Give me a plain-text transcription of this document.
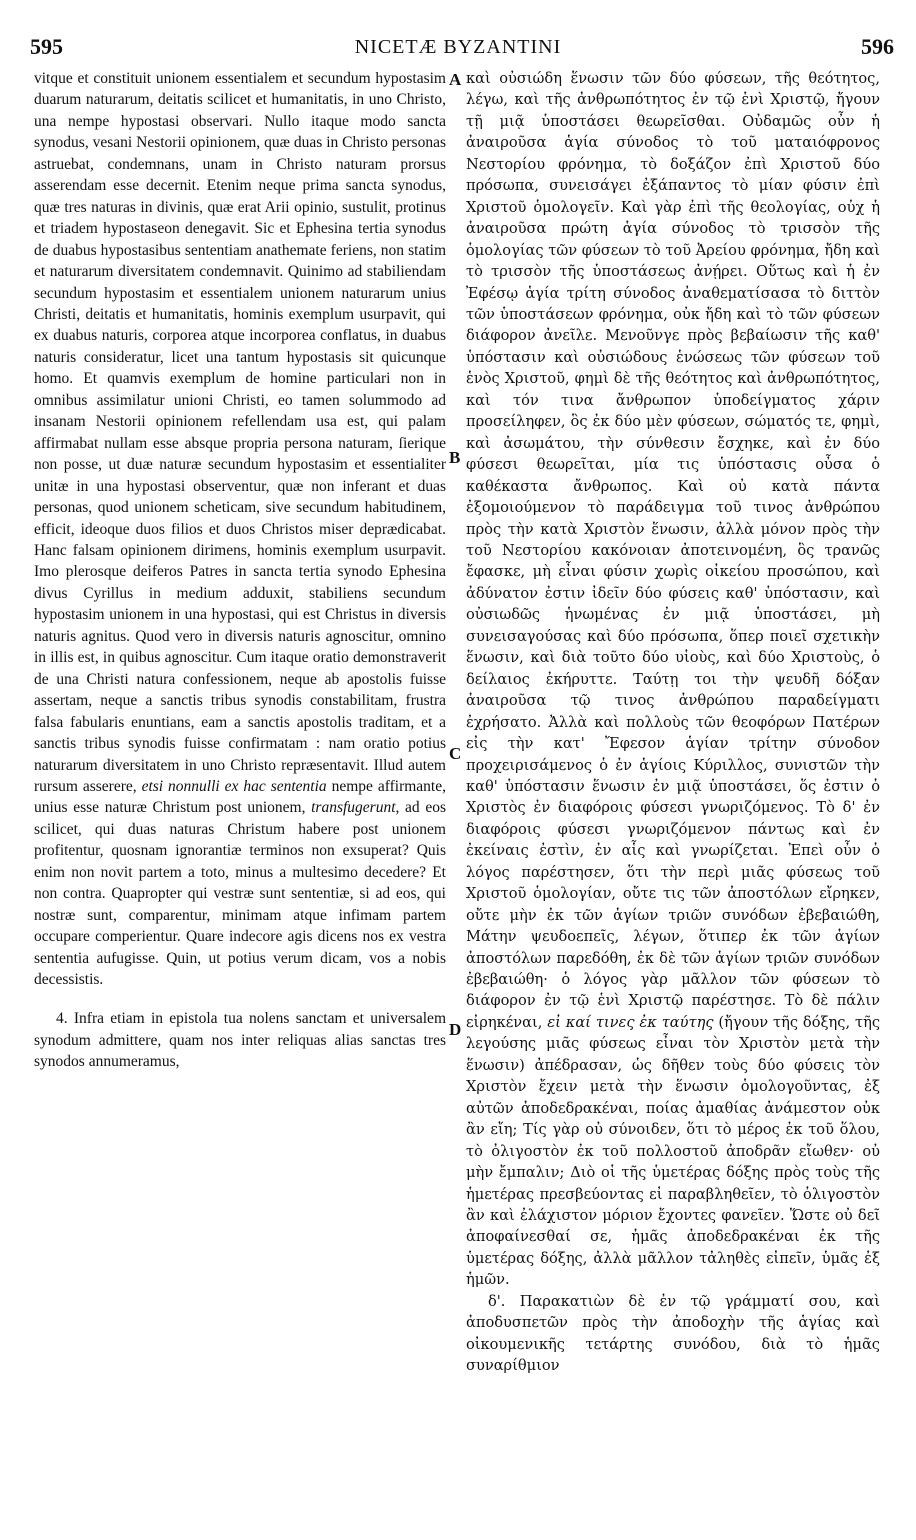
595	NICETÆ BYZANTINI	596

vitque et constituit unionem essentialem et secundum hypostasim duarum naturarum, deitatis scilicet et humanitatis, in uno Christo, una nempe hypostasi observari. Nullo itaque modo sancta synodus, vesani Nestorii opinionem, quæ duas in Christo personas astruebat, condemnans, unam in Christo naturam prorsus asserendam esse decernit. Etenim neque prima sancta synodus, quæ tres naturas in divinis, quæ erat Arii opinio, sustulit, protinus et triadem hypostaseon denegavit. Sic et Ephesina tertia synodus de duabus hypostasibus sententiam anathemate feriens, non statim et naturarum diversitatem condemnavit. Quinimo ad stabiliendam secundum hypostasim et essentialem unionem naturarum unius Christi, deitatis et humanitatis, hominis exemplum usurpavit, qui ex duabus naturis, corporea atque incorporea conflatus, in duabus naturis consideratur, licet una tantum hypostasis sit quicunque homo. Et quamvis exemplum de homine particulari non in omnibus assimilatur unioni Christi, eo tamen solummodo ad insanam Nestorii opinionem refellendam usa est, qui palam affirmabat nullam esse absque propria persona naturam, ſierique non posse, ut duæ naturæ secundum hypostasim et essentialiter unitæ in una hypostasi observentur, quæ non inferant et duas personas, quod unionem scheticam, sive secundum habitudinem, efficit, ideoque duos filios et duos Christos miser deprædicabat. Hanc falsam opinionem dirimens, hominis exemplum usurpavit. Imo plerosque deiferos Patres in sancta tertia synodo Ephesina divus Cyrillus in medium adduxit, stabiliens secundum hypostasim unionem in una hypostasi, qui est Christus in diversis naturis agnitus. Quod vero in diversis naturis agnoscitur, omnino in illis est, in quibus agnoscitur. Cum itaque oratio demonstraverit de una Christi natura confessionem, neque ab apostolis fuisse assertam, neque a sanctis tribus synodis constabilitam, frustra falsa fabularis enuntians, eam a sanctis apostolis traditam, et a sanctis tribus synodis fuisse confirmatam : nam oratio potius naturarum diversitatem in uno Christo repræsentavit. Illud autem rursum asserere, etsi nonnulli ex hac sententia nempe affirmante, unius esse naturæ Christum post unionem, transfugerunt, ad eos scilicet, qui duas naturas Christum habere post unionem profitentur, quosnam ignorantiæ terminos non exsuperat? Quis enim non novit partem a toto, minus a multesimo decedere? Et non contra. Quapropter qui vestræ sunt sententiæ, si ad eos, qui nostræ sunt, comparentur, minimam atque infimam partem occupare comperientur. Quare indecore agis dicens nos ex vestra sententia aufugisse. Quin, ut potius verum dicam, vos a nobis decessistis.

4. Infra etiam in epistola tua nolens sanctam et universalem synodum admittere, quam nos inter reliquas alias sanctas tres synodos annumeramus,

A
B
C
D

καὶ οὐσιώδη ἕνωσιν τῶν δύο φύσεων, τῆς θεότητος, λέγω, καὶ τῆς ἀνθρωπότητος ἐν τῷ ἑνὶ Χριστῷ, ἤγουν τῇ μιᾷ ὑποστάσει θεωρεῖσθαι. Οὐδαμῶς οὖν ἡ ἀναιροῦσα ἁγία σύνοδος τὸ τοῦ ματαιόφρονος Νεστορίου φρόνημα, τὸ δοξάζον ἐπὶ Χριστοῦ δύο πρόσωπα, συνεισάγει ἐξάπαντος τὸ μίαν φύσιν ἐπὶ Χριστοῦ ὁμολογεῖν. Καὶ γὰρ ἐπὶ τῆς θεολογίας, οὐχ ἡ ἀναιροῦσα πρώτη ἁγία σύνοδος τὸ τρισσὸν τῆς ὁμολογίας τῶν φύσεων τὸ τοῦ Ἀρείου φρόνημα, ἤδη καὶ τὸ τρισσὸν τῆς ὑποστάσεως ἀνῄρει. Οὕτως καὶ ἡ ἐν Ἐφέσῳ ἁγία τρίτη σύνοδος ἀναθεματίσασα τὸ διττὸν τῶν ὑποστάσεων φρόνημα, οὐκ ἤδη καὶ τὸ τῶν φύσεων διάφορον ἀνεῖλε. Μενοῦνγε πρὸς βεβαίωσιν τῆς καθ' ὑπόστασιν καὶ οὐσιώδους ἑνώσεως τῶν φύσεων τοῦ ἑνὸς Χριστοῦ, φημὶ δὲ τῆς θεότητος καὶ ἀνθρωπότητος, καὶ τόν τινα ἄνθρωπον ὑποδείγματος χάριν προσείληφεν, ὃς ἐκ δύο μὲν φύσεων, σώματός τε, φημὶ, καὶ ἀσωμάτου, τὴν σύνθεσιν ἔσχηκε, καὶ ἐν δύο φύσεσι θεωρεῖται, μία τις ὑπόστασις οὖσα ὁ καθέκαστα ἄνθρωπος. Καὶ οὐ κατὰ πάντα ἐξομοιούμενον τὸ παράδειγμα τοῦ τινος ἀνθρώπου πρὸς τὴν κατὰ Χριστὸν ἕνωσιν, ἀλλὰ μόνον πρὸς τὴν τοῦ Νεστορίου κακόνοιαν ἀποτεινομένη, ὃς τρανῶς ἔφασκε, μὴ εἶναι φύσιν χωρὶς οἰκείου προσώπου, καὶ ἀδύνατον ἐστιν ἰδεῖν δύο φύσεις καθ' ὑπόστασιν, καὶ οὐσιωδῶς ἡνωμένας ἐν μιᾷ ὑποστάσει, μὴ συνεισαγούσας καὶ δύο πρόσωπα, ὅπερ ποιεῖ σχετικὴν ἕνωσιν, καὶ διὰ τοῦτο δύο υἱοὺς, καὶ δύο Χριστοὺς, ὁ δείλαιος ἐκήρυττε. Ταύτῃ τοι τὴν ψευδῆ δόξαν ἀναιροῦσα τῷ τινος ἀνθρώπου παραδείγματι ἐχρήσατο. Ἀλλὰ καὶ πολλοὺς τῶν θεοφόρων Πατέρων εἰς τὴν κατ' Ἔφεσον ἁγίαν τρίτην σύνοδον προχειρισάμενος ὁ ἐν ἁγίοις Κύριλλος, συνιστῶν τὴν καθ' ὑπόστασιν ἕνωσιν ἐν μιᾷ ὑποστάσει, ὅς ἐστιν ὁ Χριστὸς ἐν διαφόροις φύσεσι γνωριζόμενος. Τὸ δ' ἐν διαφόροις φύσεσι γνωριζόμενον πάντως καὶ ἐν ἐκείναις ἐστὶν, ἐν αἷς καὶ γνωρίζεται. Ἐπεὶ οὖν ὁ λόγος παρέστησεν, ὅτι τὴν περὶ μιᾶς φύσεως τοῦ Χριστοῦ ὁμολογίαν, οὔτε τις τῶν ἀποστόλων εἴρηκεν, οὔτε μὴν ἐκ τῶν ἁγίων τριῶν συνόδων ἐβεβαιώθη, Μάτην ψευδοεπεῖς, λέγων, ὅτιπερ ἐκ τῶν ἁγίων ἀποστόλων παρεδόθη, ἐκ δὲ τῶν ἁγίων τριῶν συνόδων ἐβεβαιώθη· ὁ λόγος γὰρ μᾶλλον τῶν φύσεων τὸ διάφορον ἐν τῷ ἑνὶ Χριστῷ παρέστησε. Τὸ δὲ πάλιν εἰρηκέναι, εἰ καί τινες ἐκ ταύτης (ἤγουν τῆς δόξης, τῆς λεγούσης μιᾶς φύσεως εἶναι τὸν Χριστὸν μετὰ τὴν ἕνωσιν) ἀπέδρασαν, ὡς δῆθεν τοὺς δύο φύσεις τὸν Χριστὸν ἔχειν μετὰ τὴν ἕνωσιν ὁμολογοῦντας, ἐξ αὐτῶν ἀποδεδρακέναι, ποίας ἀμαθίας ἀνάμεστον οὐκ ἂν εἴη; Τίς γὰρ οὐ σύνοιδεν, ὅτι τὸ μέρος ἐκ τοῦ ὅλου, τὸ ὀλιγοστὸν ἐκ τοῦ πολλοστοῦ ἀποδρᾶν εἴωθεν· οὐ μὴν ἔμπαλιν; Διὸ οἱ τῆς ὑμετέρας δόξης πρὸς τοὺς τῆς ἡμετέρας πρεσβεύοντας εἰ παραβληθεῖεν, τὸ ὀλιγοστὸν ἂν καὶ ἐλάχιστον μόριον ἔχοντες φανεῖεν. Ὥστε οὐ δεῖ ἀποφαίνεσθαί σε, ἡμᾶς ἀποδεδρακέναι ἐκ τῆς ὑμετέρας δόξης, ἀλλὰ μᾶλλον τἀληθὲς εἰπεῖν, ὑμᾶς ἐξ ἡμῶν.

δ'. Παρακατιὼν δὲ ἐν τῷ γράμματί σου, καὶ ἀποδυσπετῶν πρὸς τὴν ἀποδοχὴν τῆς ἁγίας καὶ οἰκουμενικῆς τετάρτης συνόδου, διὰ τὸ ἡμᾶς συναρίθμιον
